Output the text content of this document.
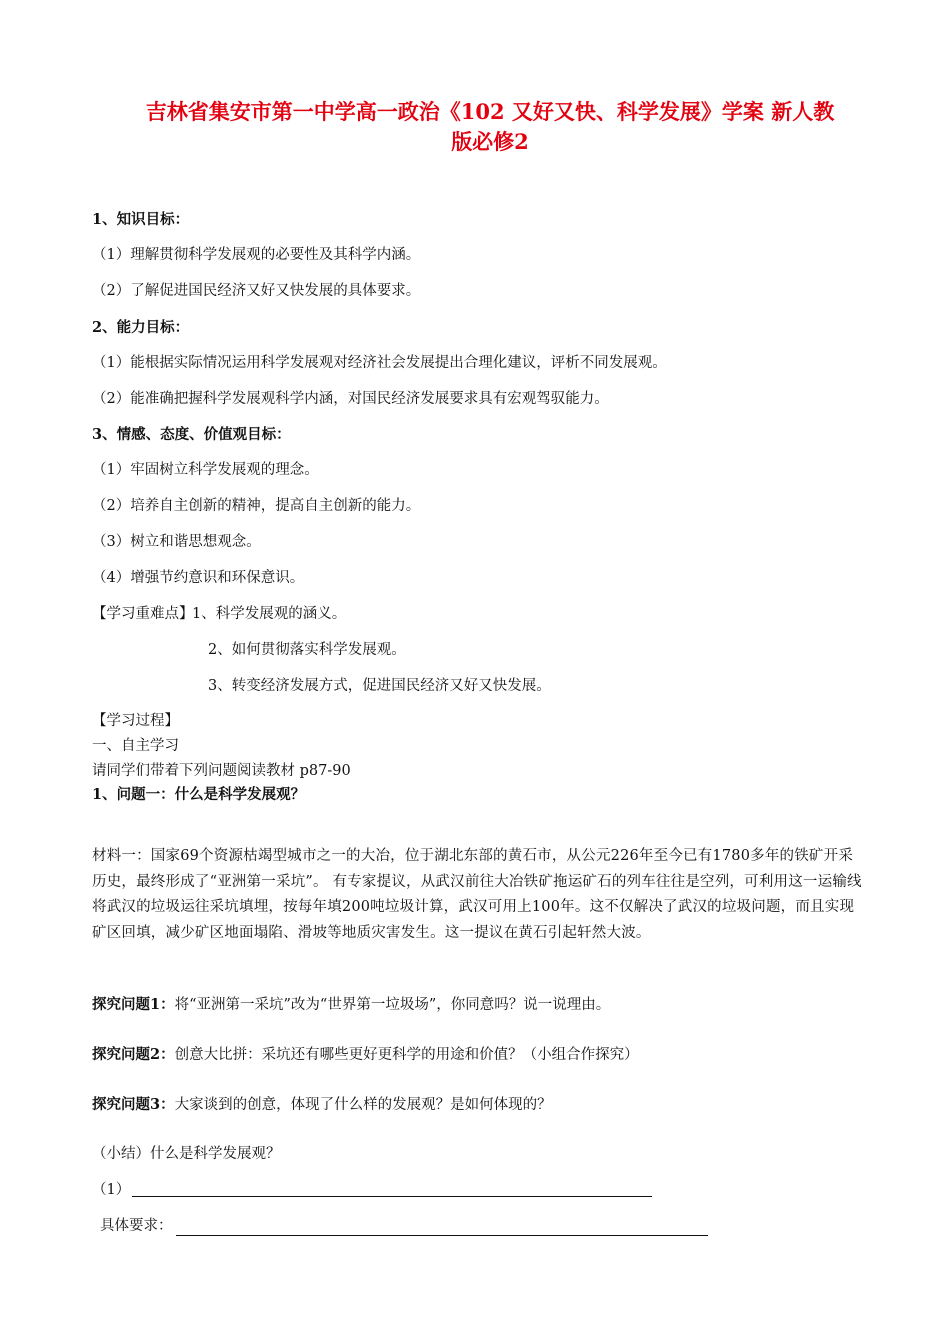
吉林省集安市第一中学高一政治《102 又好又快、科学发展》学案 新人教
版必修2
1、知识目标：
（1）理解贯彻科学发展观的必要性及其科学内涵。
（2）了解促进国民经济又好又快发展的具体要求。
2、能力目标：
（1）能根据实际情况运用科学发展观对经济社会发展提出合理化建议，评析不同发展观。
（2）能准确把握科学发展观科学内涵，对国民经济发展要求具有宏观驾驭能力。
3、情感、态度、价值观目标：
（1）牢固树立科学发展观的理念。
（2）培养自主创新的精神，提高自主创新的能力。
（3）树立和谐思想观念。
（4）增强节约意识和环保意识。
【学习重难点】
1、科学发展观的涵义。
2、如何贯彻落实科学发展观。
3、转变经济发展方式，促进国民经济又好又快发展。
【学习过程】
一、自主学习
请同学们带着下列问题阅读教材 p87-90
1、问题一：什么是科学发展观？
材料一：国家69个资源枯竭型城市之一的大冶，位于湖北东部的黄石市，从公元226年至今已有1780多年的铁矿开采历史，最终形成了“亚洲第一采坑”。 有专家提议，从武汉前往大冶铁矿拖运矿石的列车往往是空列，可利用这一运输线将武汉的垃圾运往采坑填埋，按每年填200吨垃圾计算，武汉可用上100年。这不仅解决了武汉的垃圾问题，而且实现矿区回填，减少矿区地面塌陷、滑坡等地质灾害发生。这一提议在黄石引起轩然大波。
探究问题1：将“亚洲第一采坑”改为“世界第一垃圾场”，你同意吗？说一说理由。
探究问题2：创意大比拼：采坑还有哪些更好更科学的用途和价值？（小组合作探究）
探究问题3：大家谈到的创意，体现了什么样的发展观？是如何体现的？
（小结）什么是科学发展观？
（1）
具体要求：
